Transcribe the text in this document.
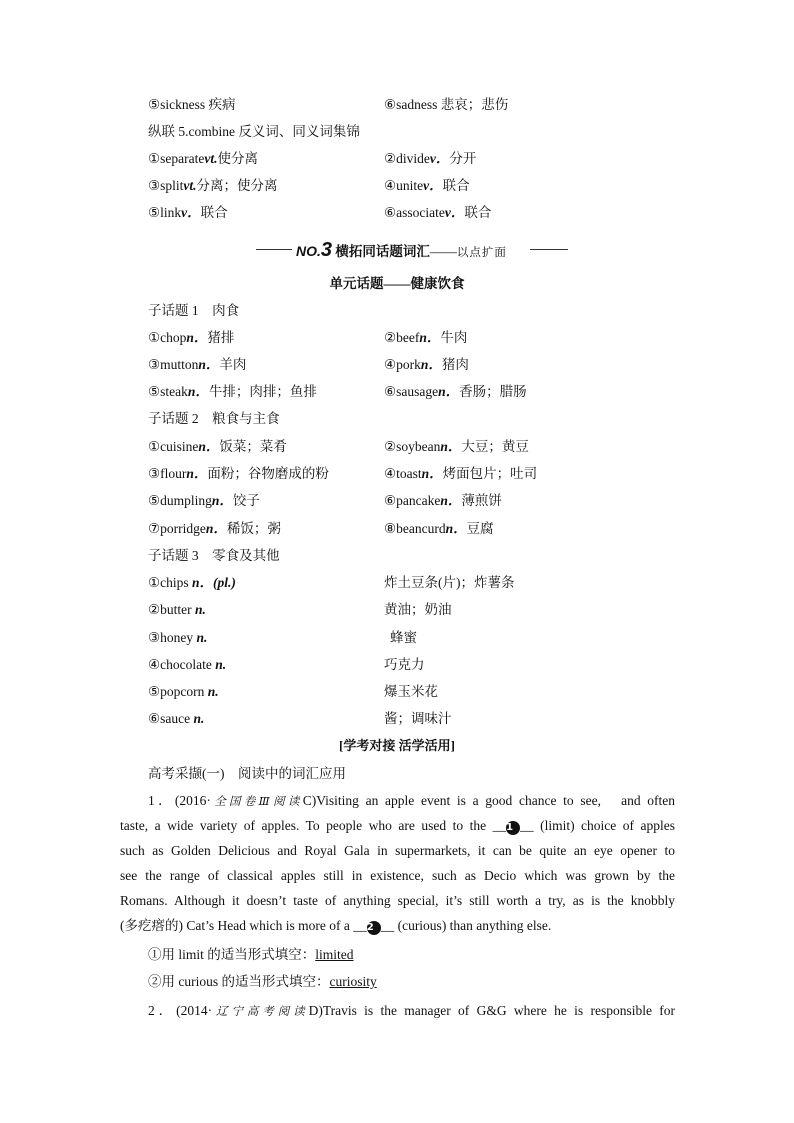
⑤sickness 疾病	⑥sadness 悲哀；悲伤
纵联 5.combine 反义词、同义词集锦
①separatevt.使分离	②dividev．分开
③splitvt.分离；使分离	④unitev．联合
⑤linkv．联合	⑥associatev．联合
NO.3 横拓同话题词汇——以点扩面
单元话题——健康饮食
子话题 1　肉食
①chopn．猪排	②beefn．牛肉
③muttonn．羊肉	④porkn．猪肉
⑤steakn．牛排；肉排；鱼排	⑥sausagen．香肠；腊肠
子话题 2　粮食与主食
①cuisinen．饭菜；菜肴	②soybeann．大豆；黄豆
③flourn．面粉；谷物磨成的粉	④toastn．烤面包片；吐司
⑤dumplingn．饺子	⑥pancaken．薄煎饼
⑦porridgen．稀饭；粥	⑧beancurdn．豆腐
子话题 3　零食及其他
①chips n．(pl.)	炸土豆条(片)；炸薯条
②butter n.	黄油；奶油
③honey n.	蜂蜜
④chocolate n.	巧克力
⑤popcorn n.	爆玉米花
⑥sauce n.	酱；调味汁
[学考对接 活学活用]
高考采撷(一)　阅读中的词汇应用
1．(2016·全国卷Ⅲ阅读C)Visiting an apple event is a good chance to see,　and often
taste, a wide variety of apples. To people who are used to the __1 __ (limit) choice of apples
such as Golden Delicious and Royal Gala in supermarkets, it can be quite an eye opener to
see the range of classical apples still in existence, such as Decio which was grown by the
Romans. Although it doesn’t taste of anything special, it’s still worth a try, as is the knobbly
(多疙瘩的) Cat’s Head which is more of a __2 __ (curious) than anything else.
①用 limit 的适当形式填空：limited
②用 curious 的适当形式填空：curiosity
2．(2014·辽宁高考阅读D)Travis is the manager of G&G where he is responsible for
